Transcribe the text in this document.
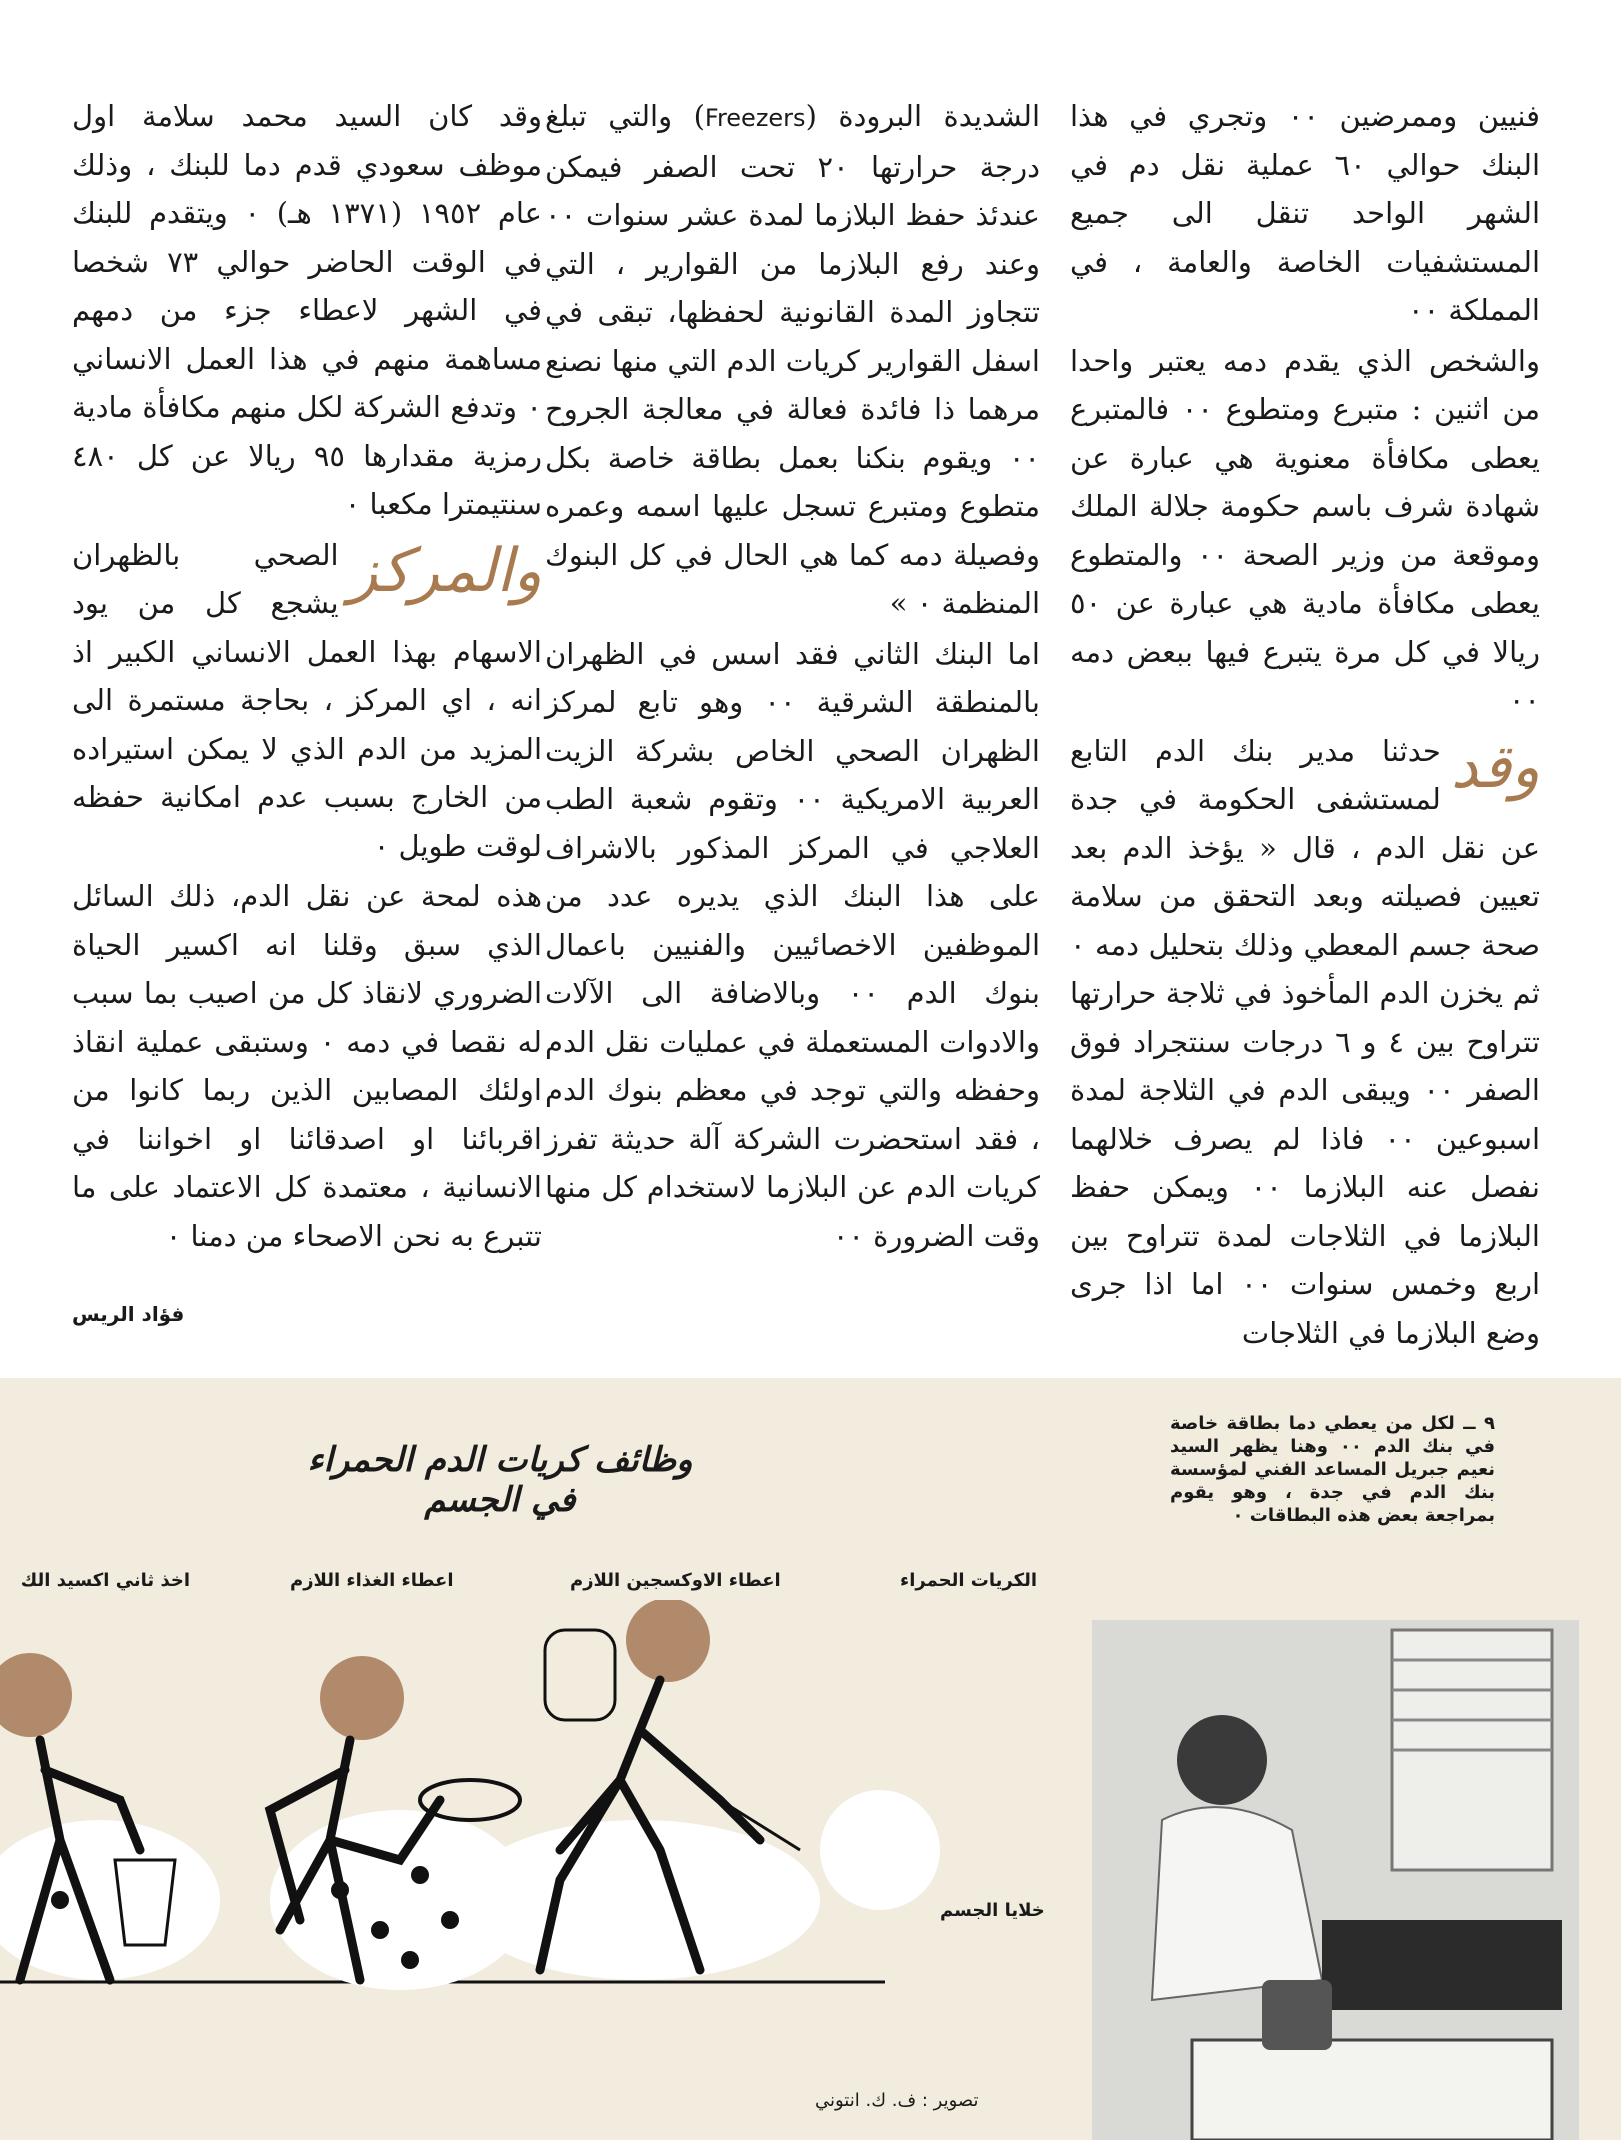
فنيين وممرضين ٠٠ وتجري في هذا البنك حوالي ٦٠ عملية نقل دم في الشهر الواحد تنقل الى جميع المستشفيات الخاصة والعامة ، في المملكة ٠٠

والشخص الذي يقدم دمه يعتبر واحدا من اثنين : متبرع ومتطوع ٠٠ فالمتبرع يعطى مكافأة معنوية هي عبارة عن شهادة شرف باسم حكومة جلالة الملك وموقعة من وزير الصحة ٠٠ والمتطوع يعطى مكافأة مادية هي عبارة عن ٥٠ ريالا في كل مرة يتبرع فيها ببعض دمه ٠٠

وقد
حدثنا مدير بنك الدم التابع لمستشفى الحكومة في جدة عن نقل الدم ، قال « يؤخذ الدم بعد تعيين فصيلته وبعد التحقق من سلامة صحة جسم المعطي وذلك بتحليل دمه ٠ ثم يخزن الدم المأخوذ في ثلاجة حرارتها تتراوح بين ٤ و ٦ درجات سنتجراد فوق الصفر ٠٠ ويبقى الدم في الثلاجة لمدة اسبوعين ٠٠ فاذا لم يصرف خلالهما نفصل عنه البلازما ٠٠ ويمكن حفظ البلازما في الثلاجات لمدة تتراوح بين اربع وخمس سنوات ٠٠ اما اذا جرى وضع البلازما في الثلاجات

الشديدة البرودة (Freezers) والتي تبلغ درجة حرارتها ٢٠ تحت الصفر فيمكن عندئذ حفظ البلازما لمدة عشر سنوات ٠٠ وعند رفع البلازما من القوارير ، التي تتجاوز المدة القانونية لحفظها، تبقى في اسفل القوارير كريات الدم التي منها نصنع مرهما ذا فائدة فعالة في معالجة الجروح ٠٠ ويقوم بنكنا بعمل بطاقة خاصة بكل متطوع ومتبرع تسجل عليها اسمه وعمره وفصيلة دمه كما هي الحال في كل البنوك المنظمة ٠ »

اما البنك الثاني فقد اسس في الظهران بالمنطقة الشرقية ٠٠ وهو تابع لمركز الظهران الصحي الخاص بشركة الزيت العربية الامريكية ٠٠ وتقوم شعبة الطب العلاجي في المركز المذكور بالاشراف على هذا البنك الذي يديره عدد من الموظفين الاخصائيين والفنيين باعمال بنوك الدم ٠٠ وبالاضافة الى الآلات والادوات المستعملة في عمليات نقل الدم وحفظه والتي توجد في معظم بنوك الدم ، فقد استحضرت الشركة آلة حديثة تفرز كريات الدم عن البلازما لاستخدام كل منها وقت الضرورة ٠٠

وقد كان السيد محمد سلامة اول موظف سعودي قدم دما للبنك ، وذلك عام ١٩٥٢ (١٣٧١ هـ) ٠ ويتقدم للبنك في الوقت الحاضر حوالي ٧٣ شخصا في الشهر لاعطاء جزء من دمهم مساهمة منهم في هذا العمل الانساني ٠ وتدفع الشركة لكل منهم مكافأة مادية رمزية مقدارها ٩٥ ريالا عن كل ٤٨٠ سنتيمترا مكعبا ٠

والمركز
الصحي بالظهران يشجع كل من يود الاسهام بهذا العمل الانساني الكبير اذ انه ، اي المركز ، بحاجة مستمرة الى المزيد من الدم الذي لا يمكن استيراده من الخارج بسبب عدم امكانية حفظه لوقت طويل ٠

هذه لمحة عن نقل الدم، ذلك السائل الذي سبق وقلنا انه اكسير الحياة الضروري لانقاذ كل من اصيب بما سبب له نقصا في دمه ٠ وستبقى عملية انقاذ اولئك المصابين الذين ربما كانوا من اقربائنا او اصدقائنا او اخواننا في الانسانية ، معتمدة كل الاعتماد على ما تتبرع به نحن الاصحاء من دمنا ٠

فؤاد الريس
وظائف كريات الدم الحمراء في الجسم
الكريات الحمراء
اعطاء الاوكسجين اللازم
اعطاء الغذاء اللازم
اخذ ثاني اكسيد الك
خلايا الجسم
٩ ــ لكل من يعطي دما بطاقة خاصة في بنك الدم ٠٠ وهنا يظهر السيد نعيم جبريل المساعد الفني لمؤسسة بنك الدم في جدة ، وهو يقوم بمراجعة بعض هذه البطاقات ٠
تصوير : ف. ك. انتوني
